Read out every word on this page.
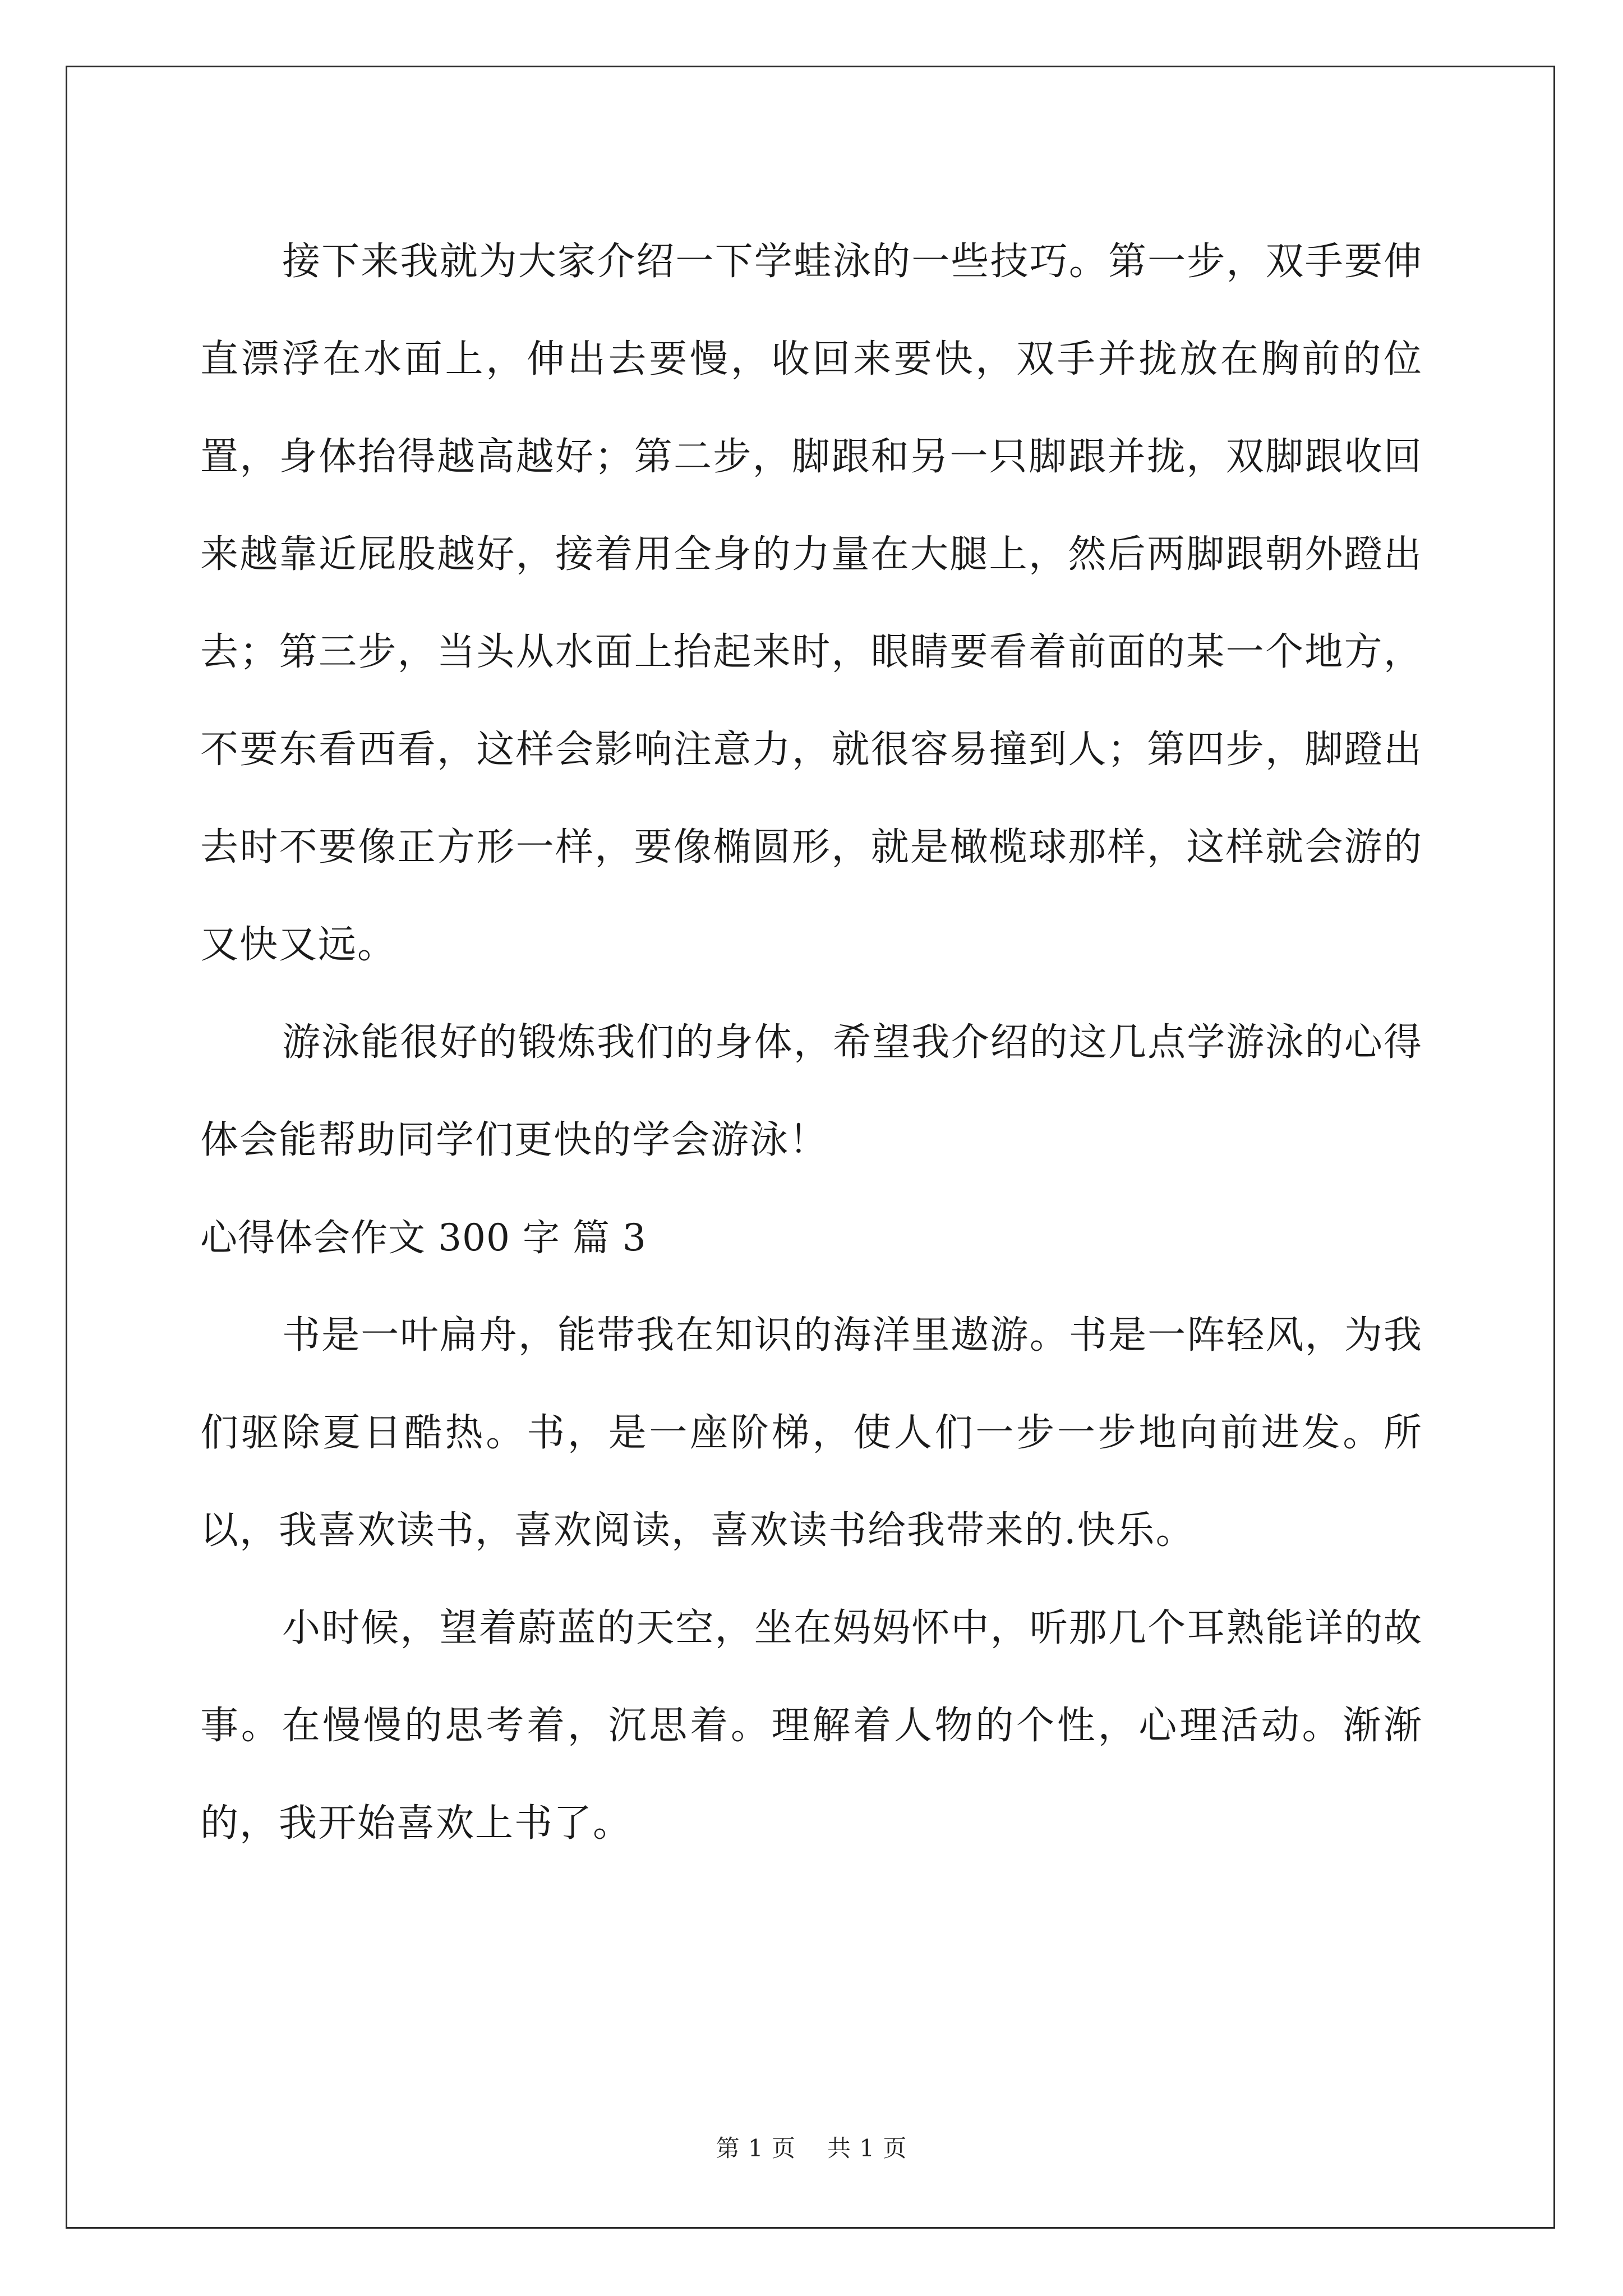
接下来我就为大家介绍一下学蛙泳的一些技巧。第一步，双手要伸直漂浮在水面上，伸出去要慢，收回来要快，双手并拢放在胸前的位置，身体抬得越高越好；第二步，脚跟和另一只脚跟并拢，双脚跟收回来越靠近屁股越好，接着用全身的力量在大腿上，然后两脚跟朝外蹬出去；第三步，当头从水面上抬起来时，眼睛要看着前面的某一个地方，不要东看西看，这样会影响注意力，就很容易撞到人；第四步，脚蹬出去时不要像正方形一样，要像椭圆形，就是橄榄球那样，这样就会游的又快又远。

游泳能很好的锻炼我们的身体，希望我介绍的这几点学游泳的心得体会能帮助同学们更快的学会游泳！

心得体会作文 300 字 篇 3

书是一叶扁舟，能带我在知识的海洋里遨游。书是一阵轻风，为我们驱除夏日酷热。书，是一座阶梯，使人们一步一步地向前进发。所以，我喜欢读书，喜欢阅读，喜欢读书给我带来的.快乐。

小时候，望着蔚蓝的天空，坐在妈妈怀中，听那几个耳熟能详的故事。在慢慢的思考着，沉思着。理解着人物的个性，心理活动。渐渐的，我开始喜欢上书了。

第 1 页 共 1 页
